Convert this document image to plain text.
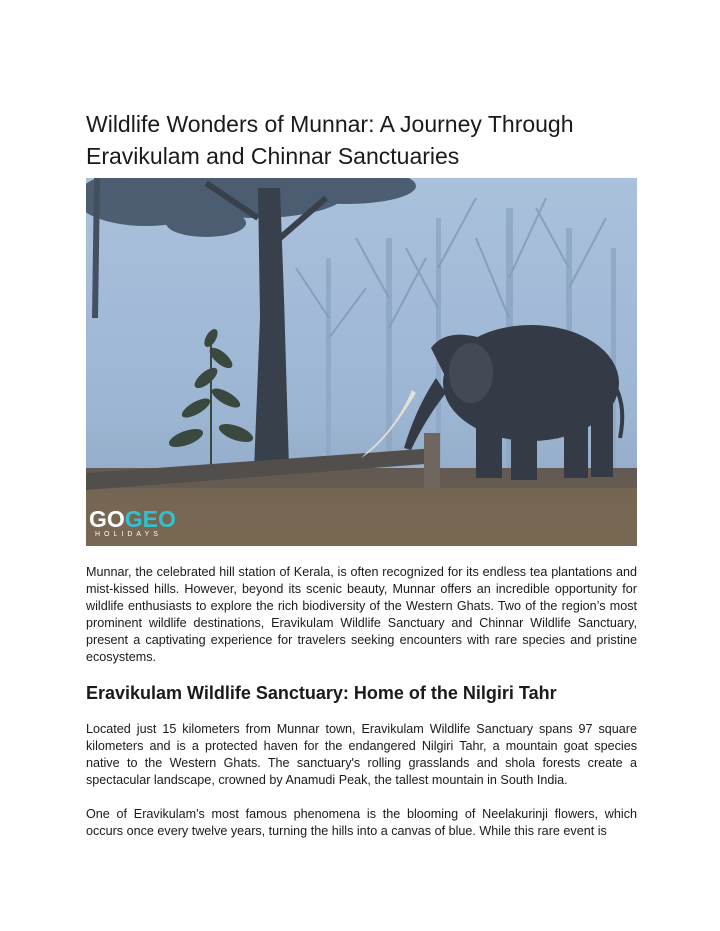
Wildlife Wonders of Munnar: A Journey Through Eravikulam and Chinnar Sanctuaries
GOGEO
HOLIDAYS

Munnar, the celebrated hill station of Kerala, is often recognized for its endless tea plantations and mist-kissed hills. However, beyond its scenic beauty, Munnar offers an incredible opportunity for wildlife enthusiasts to explore the rich biodiversity of the Western Ghats. Two of the region’s most prominent wildlife destinations, Eravikulam Wildlife Sanctuary and Chinnar Wildlife Sanctuary, present a captivating experience for travelers seeking encounters with rare species and pristine ecosystems.

Eravikulam Wildlife Sanctuary: Home of the Nilgiri Tahr

Located just 15 kilometers from Munnar town, Eravikulam Wildlife Sanctuary spans 97 square kilometers and is a protected haven for the endangered Nilgiri Tahr, a mountain goat species native to the Western Ghats. The sanctuary's rolling grasslands and shola forests create a spectacular landscape, crowned by Anamudi Peak, the tallest mountain in South India.

One of Eravikulam's most famous phenomena is the blooming of Neelakurinji flowers, which occurs once every twelve years, turning the hills into a canvas of blue. While this rare event is
